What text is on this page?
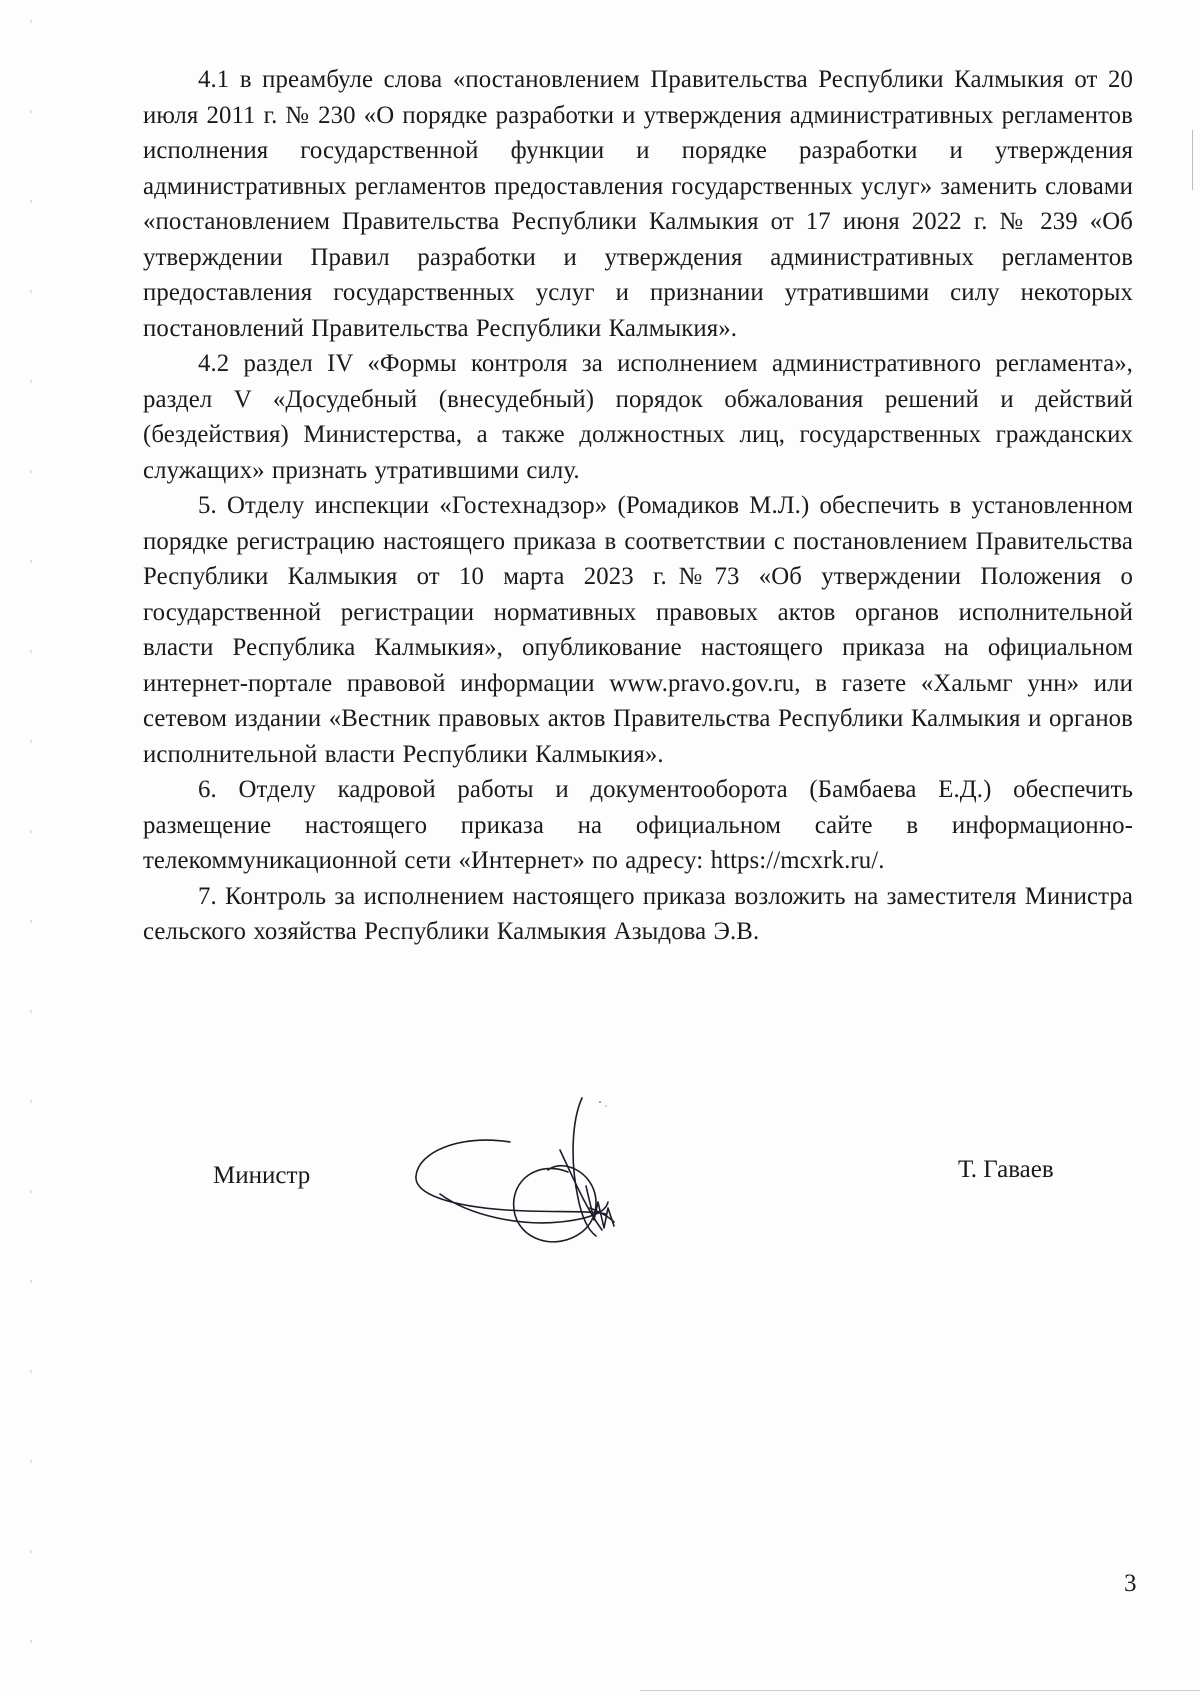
4.1 в преамбуле слова «постановлением Правительства Республики Калмыкия от 20 июля 2011 г. № 230 «О порядке разработки и утверждения административных регламентов исполнения государственной функции и порядке разработки и утверждения административных регламентов предоставления государственных услуг» заменить словами «постановлением Правительства Республики Калмыкия от 17 июня 2022 г. № 239 «Об утверждении Правил разработки и утверждения административных регламентов предоставления государственных услуг и признании утратившими силу некоторых постановлений Правительства Республики Калмыкия».

4.2 раздел IV «Формы контроля за исполнением административного регламента», раздел V «Досудебный (внесудебный) порядок обжалования решений и действий (бездействия) Министерства, а также должностных лиц, государственных гражданских служащих» признать утратившими силу.

5. Отделу инспекции «Гостехнадзор» (Ромадиков М.Л.) обеспечить в установленном порядке регистрацию настоящего приказа в соответствии с постановлением Правительства Республики Калмыкия от 10 марта 2023 г.№73 «Об утверждении Положения о государственной регистрации нормативных правовых актов органов исполнительной власти Республика Калмыкия», опубликование настоящего приказа на официальном интернет-портале правовой информации www.pravo.gov.ru, в газете «Хальмг унн» или сетевом издании «Вестник правовых актов Правительства Республики Калмыкия и органов исполнительной власти Республики Калмыкия».

6. Отделу кадровой работы и документооборота (Бамбаева Е.Д.) обеспечить размещение настоящего приказа на официальном сайте в информационно-телекоммуникационной сети «Интернет» по адресу: https://mcxrk.ru/.

7. Контроль за исполнением настоящего приказа возложить на заместителя Министра сельского хозяйства Республики Калмыкия Азыдова Э.В.

Министр	Т. Гаваев
3
